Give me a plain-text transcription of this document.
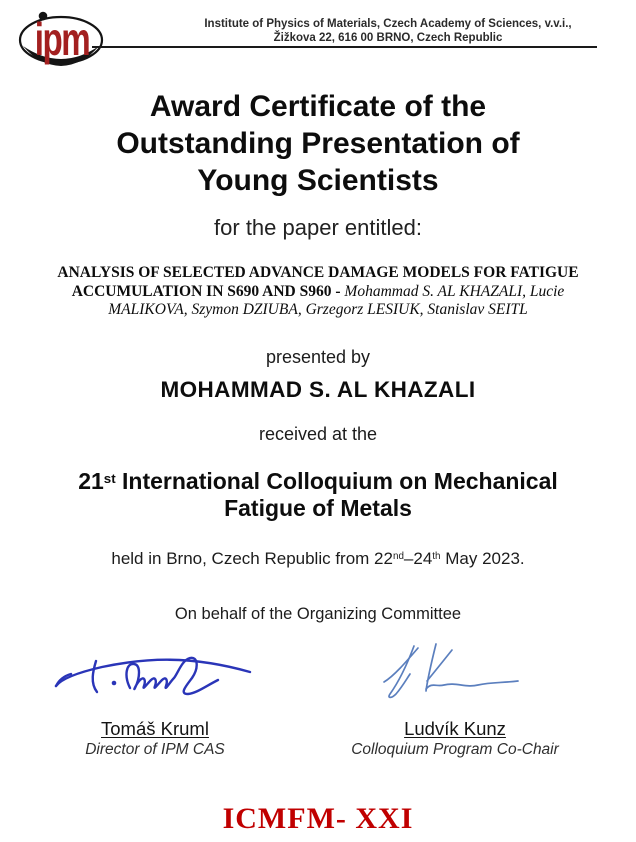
ipm	Institute of Physics of Materials, Czech Academy of Sciences, v.v.i.,
Žižkova 22, 616 00 BRNO, Czech Republic
Award Certificate of the
Outstanding Presentation of
Young Scientists
for the paper entitled:
ANALYSIS OF SELECTED ADVANCE DAMAGE MODELS FOR FATIGUE ACCUMULATION IN S690 AND S960 - Mohammad S. AL KHAZALI, Lucie MALIKOVA, Szymon DZIUBA, Grzegorz LESIUK, Stanislav SEITL
presented by
MOHAMMAD S. AL KHAZALI
received at the
21st International Colloquium on Mechanical
Fatigue of Metals
held in Brno, Czech Republic from 22nd–24th May 2023.
On behalf of the Organizing Committee
Tomáš Kruml
Director of IPM CAS
Ludvík Kunz
Colloquium Program Co-Chair
ICMFM- XXI
